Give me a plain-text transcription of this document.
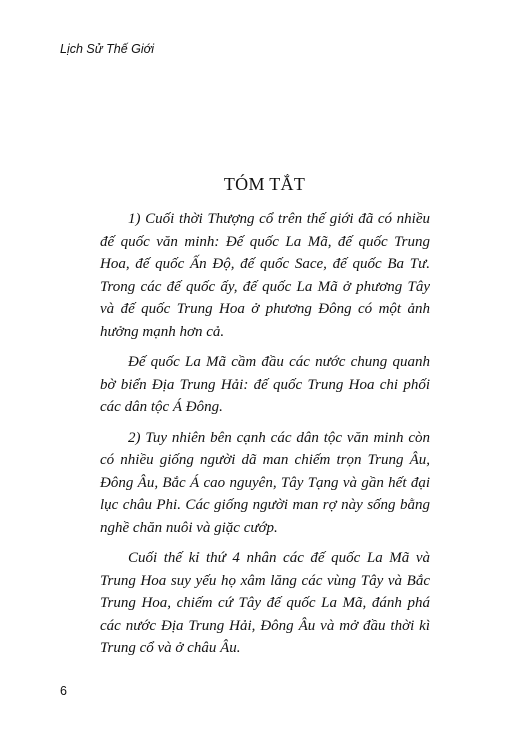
Lịch Sử Thế Giới
TÓM TẮT

1) Cuối thời Thượng cổ trên thế giới đã có nhiều đế quốc văn minh: Đế quốc La Mã, đế quốc Trung Hoa, đế quốc Ấn Độ, đế quốc Sace, đế quốc Ba Tư. Trong các đế quốc ấy, đế quốc La Mã ở phương Tây và đế quốc Trung Hoa ở phương Đông có một ảnh hưởng mạnh hơn cả.

Đế quốc La Mã cầm đầu các nước chung quanh bờ biển Địa Trung Hải: đế quốc Trung Hoa chi phối các dân tộc Á Đông.

2) Tuy nhiên bên cạnh các dân tộc văn minh còn có nhiều giống người dã man chiếm trọn Trung Âu, Đông Âu, Bắc Á cao nguyên, Tây Tạng và gần hết đại lục châu Phi. Các giống người man rợ này sống bằng nghề chăn nuôi và giặc cướp.

Cuối thế kỉ thứ 4 nhân các đế quốc La Mã và Trung Hoa suy yếu họ xâm lăng các vùng Tây và Bắc Trung Hoa, chiếm cứ Tây đế quốc La Mã, đánh phá các nước Địa Trung Hải, Đông Âu và mở đầu thời kì Trung cổ và ở châu Âu.

6
